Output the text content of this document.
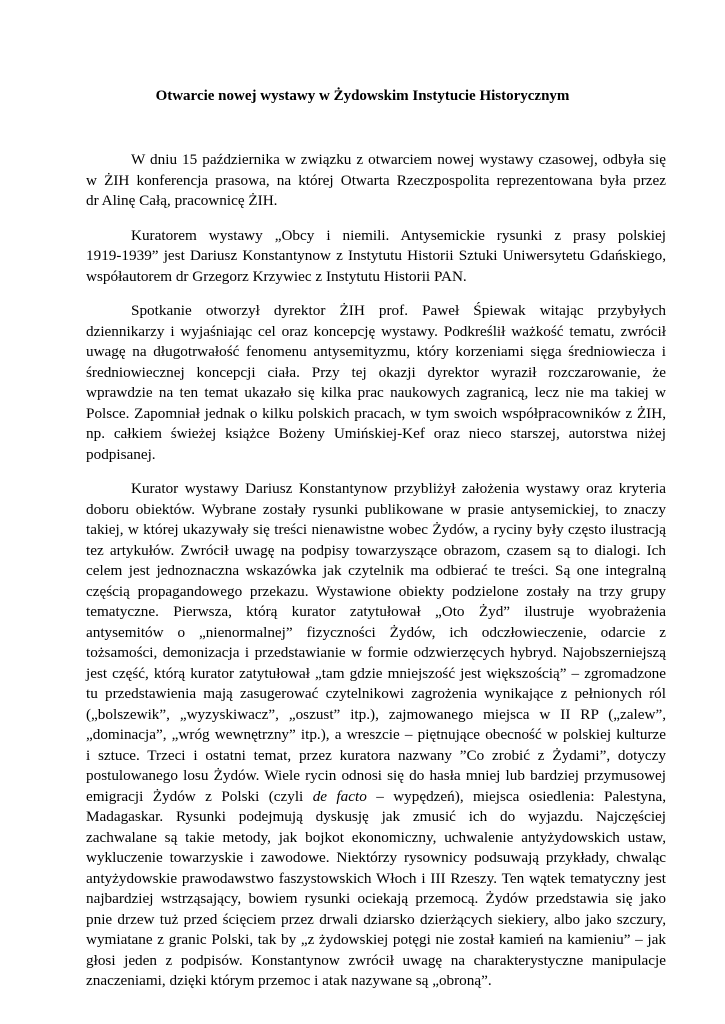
Otwarcie nowej wystawy w Żydowskim Instytucie Historycznym

W dniu 15 października w związku z otwarciem nowej wystawy czasowej, odbyła się
w ŻIH konferencja prasowa, na której Otwarta Rzeczpospolita reprezentowana była przez
dr Alinę Całą, pracownicę ŻIH.

Kuratorem wystawy „Obcy i niemili. Antysemickie rysunki z prasy polskiej
1919-1939” jest Dariusz Konstantynow z Instytutu Historii Sztuki Uniwersytetu Gdańskiego,
współautorem dr Grzegorz Krzywiec z Instytutu Historii PAN.

Spotkanie otworzył dyrektor ŻIH prof. Paweł Śpiewak witając przybyłych
dziennikarzy i wyjaśniając cel oraz koncepcję wystawy. Podkreślił ważkość tematu, zwrócił
uwagę na długotrwałość fenomenu antysemityzmu, który korzeniami sięga średniowiecza i
średniowiecznej koncepcji ciała. Przy tej okazji dyrektor wyraził rozczarowanie, że
wprawdzie na ten temat ukazało się kilka prac naukowych zagranicą, lecz nie ma takiej w
Polsce. Zapomniał jednak o kilku polskich pracach, w tym swoich współpracowników z ŻIH,
np. całkiem świeżej książce Bożeny Umińskiej-Kef oraz nieco starszej, autorstwa niżej
podpisanej.

Kurator wystawy Dariusz Konstantynow przybliżył założenia wystawy oraz kryteria
doboru obiektów. Wybrane zostały rysunki publikowane w prasie antysemickiej, to znaczy
takiej, w której ukazywały się treści nienawistne wobec Żydów, a ryciny były często ilustracją
tez artykułów. Zwrócił uwagę na podpisy towarzyszące obrazom, czasem są to dialogi. Ich
celem jest jednoznaczna wskazówka jak czytelnik ma odbierać te treści. Są one integralną
częścią propagandowego przekazu. Wystawione obiekty podzielone zostały na trzy grupy
tematyczne. Pierwsza, którą kurator zatytułował „Oto Żyd” ilustruje wyobrażenia
antysemitów o „nienormalnej” fizyczności Żydów, ich odczłowieczenie, odarcie z
tożsamości, demonizacja i przedstawianie w formie odzwierzęcych hybryd. Najobszerniejszą
jest część, którą kurator zatytułował „tam gdzie mniejszość jest większością” – zgromadzone
tu przedstawienia mają zasugerować czytelnikowi zagrożenia wynikające z pełnionych ról
(„bolszewik”, „wyzyskiwacz”, „oszust” itp.), zajmowanego miejsca w II RP („zalew”,
„dominacja”, „wróg wewnętrzny” itp.), a wreszcie – piętnujące obecność w polskiej kulturze
i sztuce. Trzeci i ostatni temat, przez kuratora nazwany ”Co zrobić z Żydami”, dotyczy
postulowanego losu Żydów. Wiele rycin odnosi się do hasła mniej lub bardziej przymusowej
emigracji Żydów z Polski (czyli de facto – wypędzeń), miejsca osiedlenia: Palestyna,
Madagaskar. Rysunki podejmują dyskusję jak zmusić ich do wyjazdu. Najczęściej
zachwalane są takie metody, jak bojkot ekonomiczny, uchwalenie antyżydowskich ustaw,
wykluczenie towarzyskie i zawodowe. Niektórzy rysownicy podsuwają przykłady, chwaląc
antyżydowskie prawodawstwo faszystowskich Włoch i III Rzeszy. Ten wątek tematyczny jest
najbardziej wstrząsający, bowiem rysunki ociekają przemocą. Żydów przedstawia się jako
pnie drzew tuż przed ścięciem przez drwali dziarsko dzierżących siekiery, albo jako szczury,
wymiatane z granic Polski, tak by „z żydowskiej potęgi nie został kamień na kamieniu” – jak
głosi jeden z podpisów. Konstantynow zwrócił uwagę na charakterystyczne manipulacje
znaczeniami, dzięki którym przemoc i atak nazywane są „obroną”.
